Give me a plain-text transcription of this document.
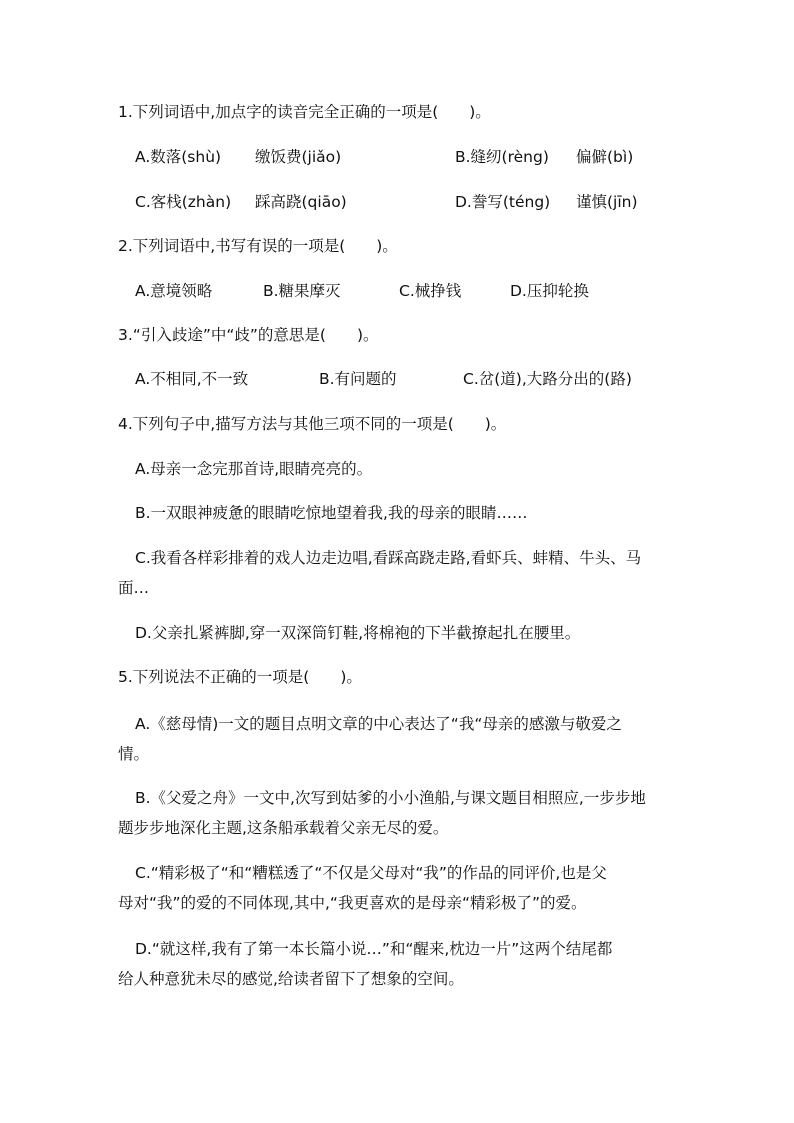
1.下列词语中,加点字的读音完全正确的一项是(　　)。
A.数落(shù) 缴饭费(jiǎo)	B.缝纫(rèng) 偏僻(bì)
C.客栈(zhàn) 踩高跷(qiāo)	D.誊写(téng) 谨慎(jīn)
2.下列词语中,书写有误的一项是(　　)。
A.意境领略	B.糖果摩灭	C.械挣钱	D.压抑轮换
3.“引入歧途”中“歧”的意思是(　　)。
A.不相同,不一致	B.有问题的	C.岔(道),大路分出的(路)
4.下列句子中,描写方法与其他三项不同的一项是(　　)。
A.母亲一念完那首诗,眼睛亮亮的。
B.一双眼神疲惫的眼睛吃惊地望着我,我的母亲的眼睛……
C.我看各样彩排着的戏人边走边唱,看踩高跷走路,看虾兵、蚌精、牛头、马
面…
D.父亲扎紧裤脚,穿一双深筒钉鞋,将棉袍的下半截撩起扎在腰里。
5.下列说法不正确的一项是(　　)。
A.《慈母情)一文的题目点明文章的中心表达了“我“母亲的感激与敬爱之
情。
B.《父爱之舟》一文中,次写到姑爹的小小渔船,与课文题目相照应,一步步地
题步步地深化主题,这条船承载着父亲无尽的爱。
C.“精彩极了“和“糟糕透了“不仅是父母对“我”的作品的同评价,也是父
母对“我”的爱的不同体现,其中,“我更喜欢的是母亲“精彩极了”的爱。
D.“就这样,我有了第一本长篇小说…”和“醒来,枕边一片”这两个结尾都
给人种意犹未尽的感觉,给读者留下了想象的空间。
